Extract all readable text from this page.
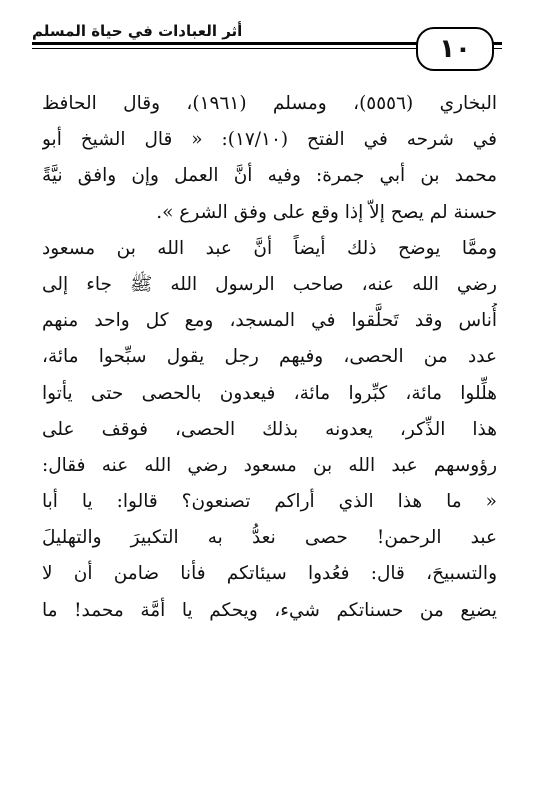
أثر العبادات في حياة المسلم
١٠
البخاري (٥٥٥٦)، ومسلم (١٩٦١)، وقال الحافظ
في شرحه في الفتح (١٧/١٠): « قال الشيخ أبو
محمد بن أبي جمرة: وفيه أنَّ العمل وإن وافق نيَّةً
حسنة لم يصح إلاّ إذا وقع على وفق الشرع ».
وممَّا يوضح ذلك أيضاً أنَّ عبد الله بن مسعود
رضي الله عنه، صاحب الرسول الله ﷺ جاء إلى
أُناس وقد تَحلَّقوا في المسجد، ومع كل واحد منهم
عدد من الحصى، وفيهم رجل يقول سبِّحوا مائة،
هلِّلوا مائة، كبِّروا مائة، فيعدون بالحصى حتى يأتوا
هذا الذِّكر، يعدونه بذلك الحصى، فوقف على
رؤوسهم عبد الله بن مسعود رضي الله عنه فقال:
« ما هذا الذي أراكم تصنعون؟ قالوا: يا أبا
عبد الرحمن! حصى نعدُّ به التكبيرَ والتهليلَ
والتسبيحَ، قال: فعُدوا سيئاتكم فأنا ضامن أن لا
يضيع من حسناتكم شيء، ويحكم يا أمَّة محمد! ما
